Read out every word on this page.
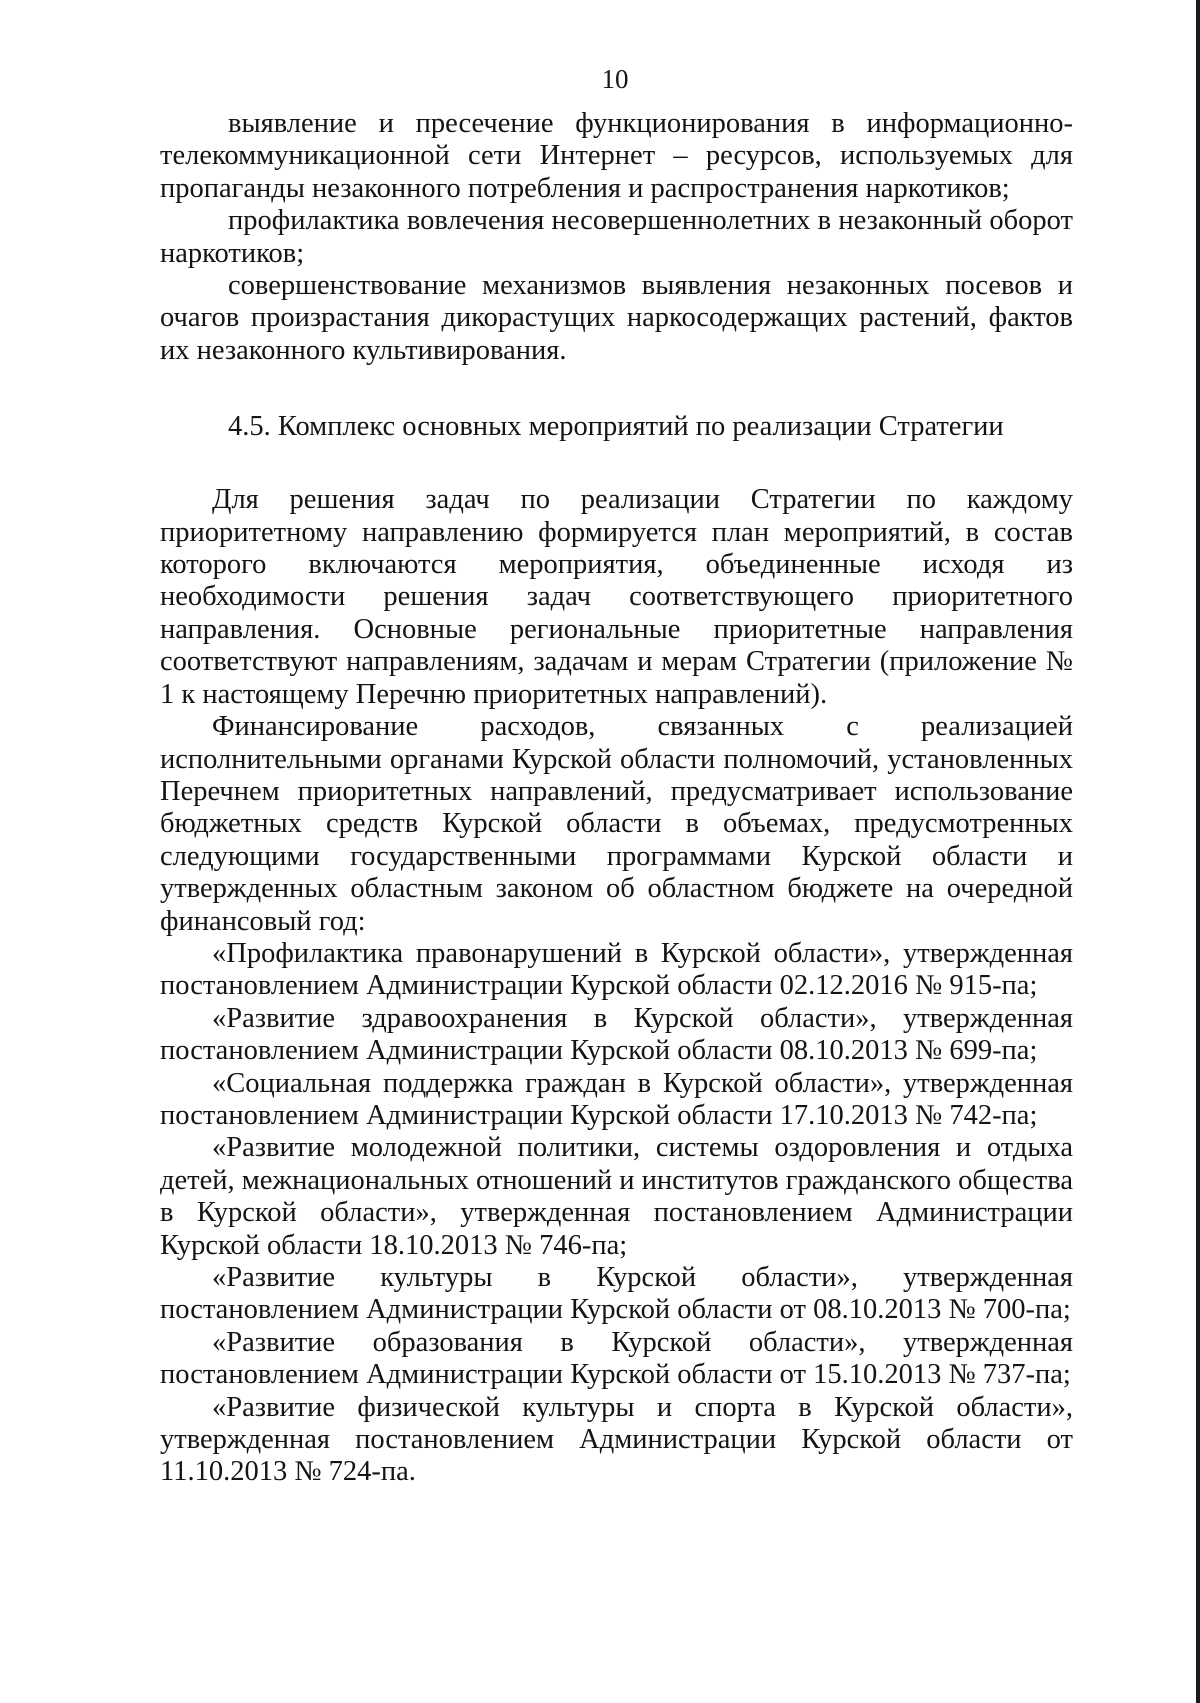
10

выявление и пресечение функционирования в информационно-телекоммуникационной сети Интернет – ресурсов, используемых для пропаганды незаконного потребления и распространения наркотиков;

профилактика вовлечения несовершеннолетних в незаконный оборот наркотиков;

совершенствование механизмов выявления незаконных посевов и очагов произрастания дикорастущих наркосодержащих растений, фактов их незаконного культивирования.

4.5. Комплекс основных мероприятий по реализации Стратегии

Для решения задач по реализации Стратегии по каждому приоритетному направлению формируется план мероприятий, в состав которого включаются мероприятия, объединенные исходя из необходимости решения задач соответствующего приоритетного направления. Основные региональные приоритетные направления соответствуют направлениям, задачам и мерам Стратегии (приложение № 1 к настоящему Перечню приоритетных направлений).

Финансирование расходов, связанных с реализацией исполнительными органами Курской области полномочий, установленных Перечнем приоритетных направлений, предусматривает использование бюджетных средств Курской области в объемах, предусмотренных следующими государственными программами Курской области и утвержденных областным законом об областном бюджете на очередной финансовый год:

«Профилактика правонарушений в Курской области», утвержденная постановлением Администрации Курской области 02.12.2016 № 915-па;

«Развитие здравоохранения в Курской области», утвержденная постановлением Администрации Курской области 08.10.2013 № 699-па;

«Социальная поддержка граждан в Курской области», утвержденная постановлением Администрации Курской области 17.10.2013 № 742-па;

«Развитие молодежной политики, системы оздоровления и отдыха детей, межнациональных отношений и институтов гражданского общества в Курской области», утвержденная постановлением Администрации Курской области 18.10.2013 № 746-па;

«Развитие культуры в Курской области», утвержденная постановлением Администрации Курской области от 08.10.2013 № 700-па;

«Развитие образования в Курской области», утвержденная постановлением Администрации Курской области от 15.10.2013 № 737-па;

«Развитие физической культуры и спорта в Курской области», утвержденная постановлением Администрации Курской области от 11.10.2013 № 724-па.
